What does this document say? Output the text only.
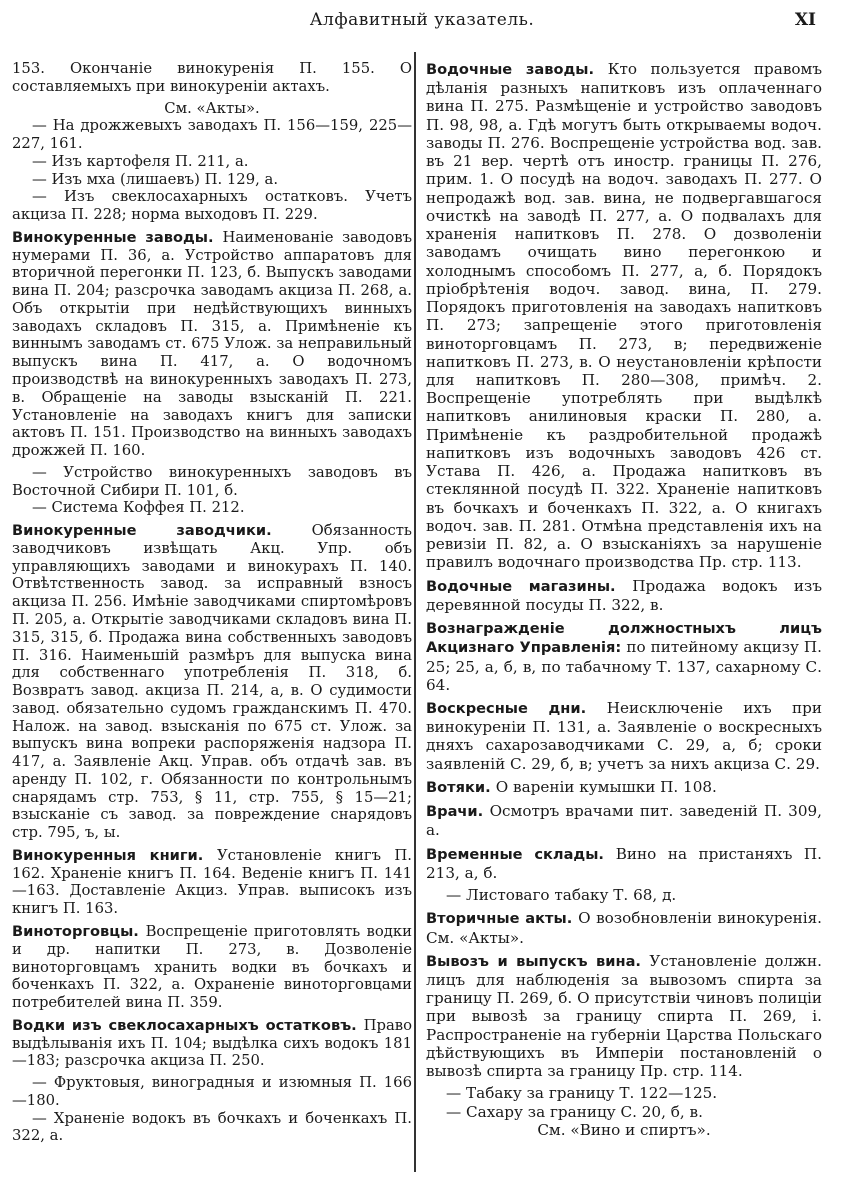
Алфавитный указатель.	XI
153. Окончаніе винокуренія П. 155. О составляемыхъ при винокуреніи актахъ.
См. «Акты».
— На дрожжевыхъ заводахъ П. 156—159, 225—227, 161.
— Изъ картофеля П. 211, а.
— Изъ мха (лишаевъ) П. 129, а.
— Изъ свеклосахарныхъ остатковъ. Учетъ акциза П. 228; норма выходовъ П. 229.
Винокуренные заводы. Наименованіе заводовъ нумерами П. 36, а. Устройство аппаратовъ для вторичной перегонки П. 123, б. Выпускъ заводами вина П. 204; разсрочка заводамъ акциза П. 268, а. Объ открытіи при недѣйствующихъ винныхъ заводахъ складовъ П. 315, а. Примѣненіе къ виннымъ заводамъ ст. 675 Улож. за неправильный выпускъ вина П. 417, а. О водочномъ производствѣ на винокуренныхъ заводахъ П. 273, в. Обращеніе на заводы взысканій П. 221. Установленіе на заводахъ книгъ для записки актовъ П. 151. Производство на винныхъ заводахъ дрожжей П. 160.
— Устройство винокуренныхъ заводовъ въ Восточной Сибири П. 101, б.
— Система Коффея П. 212.
Винокуренные заводчики. Обязанность заводчиковъ извѣщать Акц. Упр. объ управляющихъ заводами и винокурахъ П. 140. Отвѣтственность завод. за исправный взносъ акциза П. 256. Имѣніе заводчиками спиртомѣровъ П. 205, а. Открытіе заводчиками складовъ вина П. 315, 315, б. Продажа вина собственныхъ заводовъ П. 316. Наименьшій размѣръ для выпуска вина для собственнаго употребленія П. 318, б. Возвратъ завод. акциза П. 214, а, в. О судимости завод. обязательно судомъ гражданскимъ П. 470. Налож. на завод. взысканія по 675 ст. Улож. за выпускъ вина вопреки распоряженія надзора П. 417, а. Заявленіе Акц. Управ. объ отдачѣ зав. въ аренду П. 102, г. Обязанности по контрольнымъ снарядамъ стр. 753, § 11, стр. 755, § 15—21; взысканіе съ завод. за повреждение снарядовъ стр. 795, ъ, ы.
Винокуренныя книги. Установленіе книгъ П. 162. Храненіе книгъ П. 164. Веденіе книгъ П. 141—163. Доставленіе Акциз. Управ. выписокъ изъ книгъ П. 163.
Виноторговцы. Воспрещеніе приготовлять водки и др. напитки П. 273, в. Дозволеніе виноторговцамъ хранить водки въ бочкахъ и боченкахъ П. 322, а. Охраненіе виноторговцами потребителей вина П. 359.
Водки изъ свеклосахарныхъ остатковъ. Право выдѣлыванія ихъ П. 104; выдѣлка сихъ водокъ 181—183; разсрочка акциза П. 250.
— Фруктовыя, виноградныя и изюмныя П. 166—180.
— Храненіе водокъ въ бочкахъ и боченкахъ П. 322, а.
Водочные заводы. Кто пользуется правомъ дѣланія разныхъ напитковъ изъ оплаченнаго вина П. 275. Размѣщеніе и устройство заводовъ П. 98, 98, а. Гдѣ могутъ быть открываемы водоч. заводы П. 276. Воспрещеніе устройства вод. зав. въ 21 вер. чертѣ отъ иностр. границы П. 276, прим. 1. О посудѣ на водоч. заводахъ П. 277. О непродажѣ вод. зав. вина, не подвергавшагося очисткѣ на заводѣ П. 277, а. О подвалахъ для храненія напитковъ П. 278. О дозволеніи заводамъ очищать вино перегонкою и холоднымъ способомъ П. 277, а, б. Порядокъ пріобрѣтенія водоч. завод. вина, П. 279. Порядокъ приготовленія на заводахъ напитковъ П. 273; запрещеніе этого приготовленія виноторговцамъ П. 273, в; передвиженіе напитковъ П. 273, в. О неустановленіи крѣпости для напитковъ П. 280—308, примѣч. 2. Воспрещеніе употреблять при выдѣлкѣ напитковъ анилиновыя краски П. 280, а. Примѣненіе къ раздробительной продажѣ напитковъ изъ водочныхъ заводовъ 426 ст. Устава П. 426, а. Продажа напитковъ въ стеклянной посудѣ П. 322. Храненіе напитковъ въ бочкахъ и боченкахъ П. 322, а. О книгахъ водоч. зав. П. 281. Отмѣна представленія ихъ на ревизіи П. 82, а. О взысканіяхъ за нарушеніе правилъ водочнаго производства Пр. стр. 113.
Водочные магазины. Продажа водокъ изъ деревянной посуды П. 322, в.
Вознагражденіе должностныхъ лицъ Акцизнаго Управленія: по питейному акцизу П. 25; 25, а, б, в, по табачному Т. 137, сахарному С. 64.
Воскресные дни. Неисключеніе ихъ при винокуреніи П. 131, а. Заявленіе о воскресныхъ дняхъ сахарозаводчиками С. 29, а, б; сроки заявленій С. 29, б, в; учетъ за нихъ акциза С. 29.
Вотяки. О вареніи кумышки П. 108.
Врачи. Осмотръ врачами пит. заведеній П. 309, а.
Временные склады. Вино на пристаняхъ П. 213, а, б.
— Листоваго табаку Т. 68, д.
Вторичные акты. О возобновленіи винокуренія. См. «Акты».
Вывозъ и выпускъ вина. Установленіе должн. лицъ для наблюденія за вывозомъ спирта за границу П. 269, б. О присутствіи чиновъ полиціи при вывозѣ за границу спирта П. 269, і. Распространеніе на губерніи Царства Польскаго дѣйствующихъ въ Имперіи постановленій о вывозѣ спирта за границу Пр. стр. 114.
— Табаку за границу Т. 122—125.
— Сахару за границу С. 20, б, в.
См. «Вино и спиртъ».
